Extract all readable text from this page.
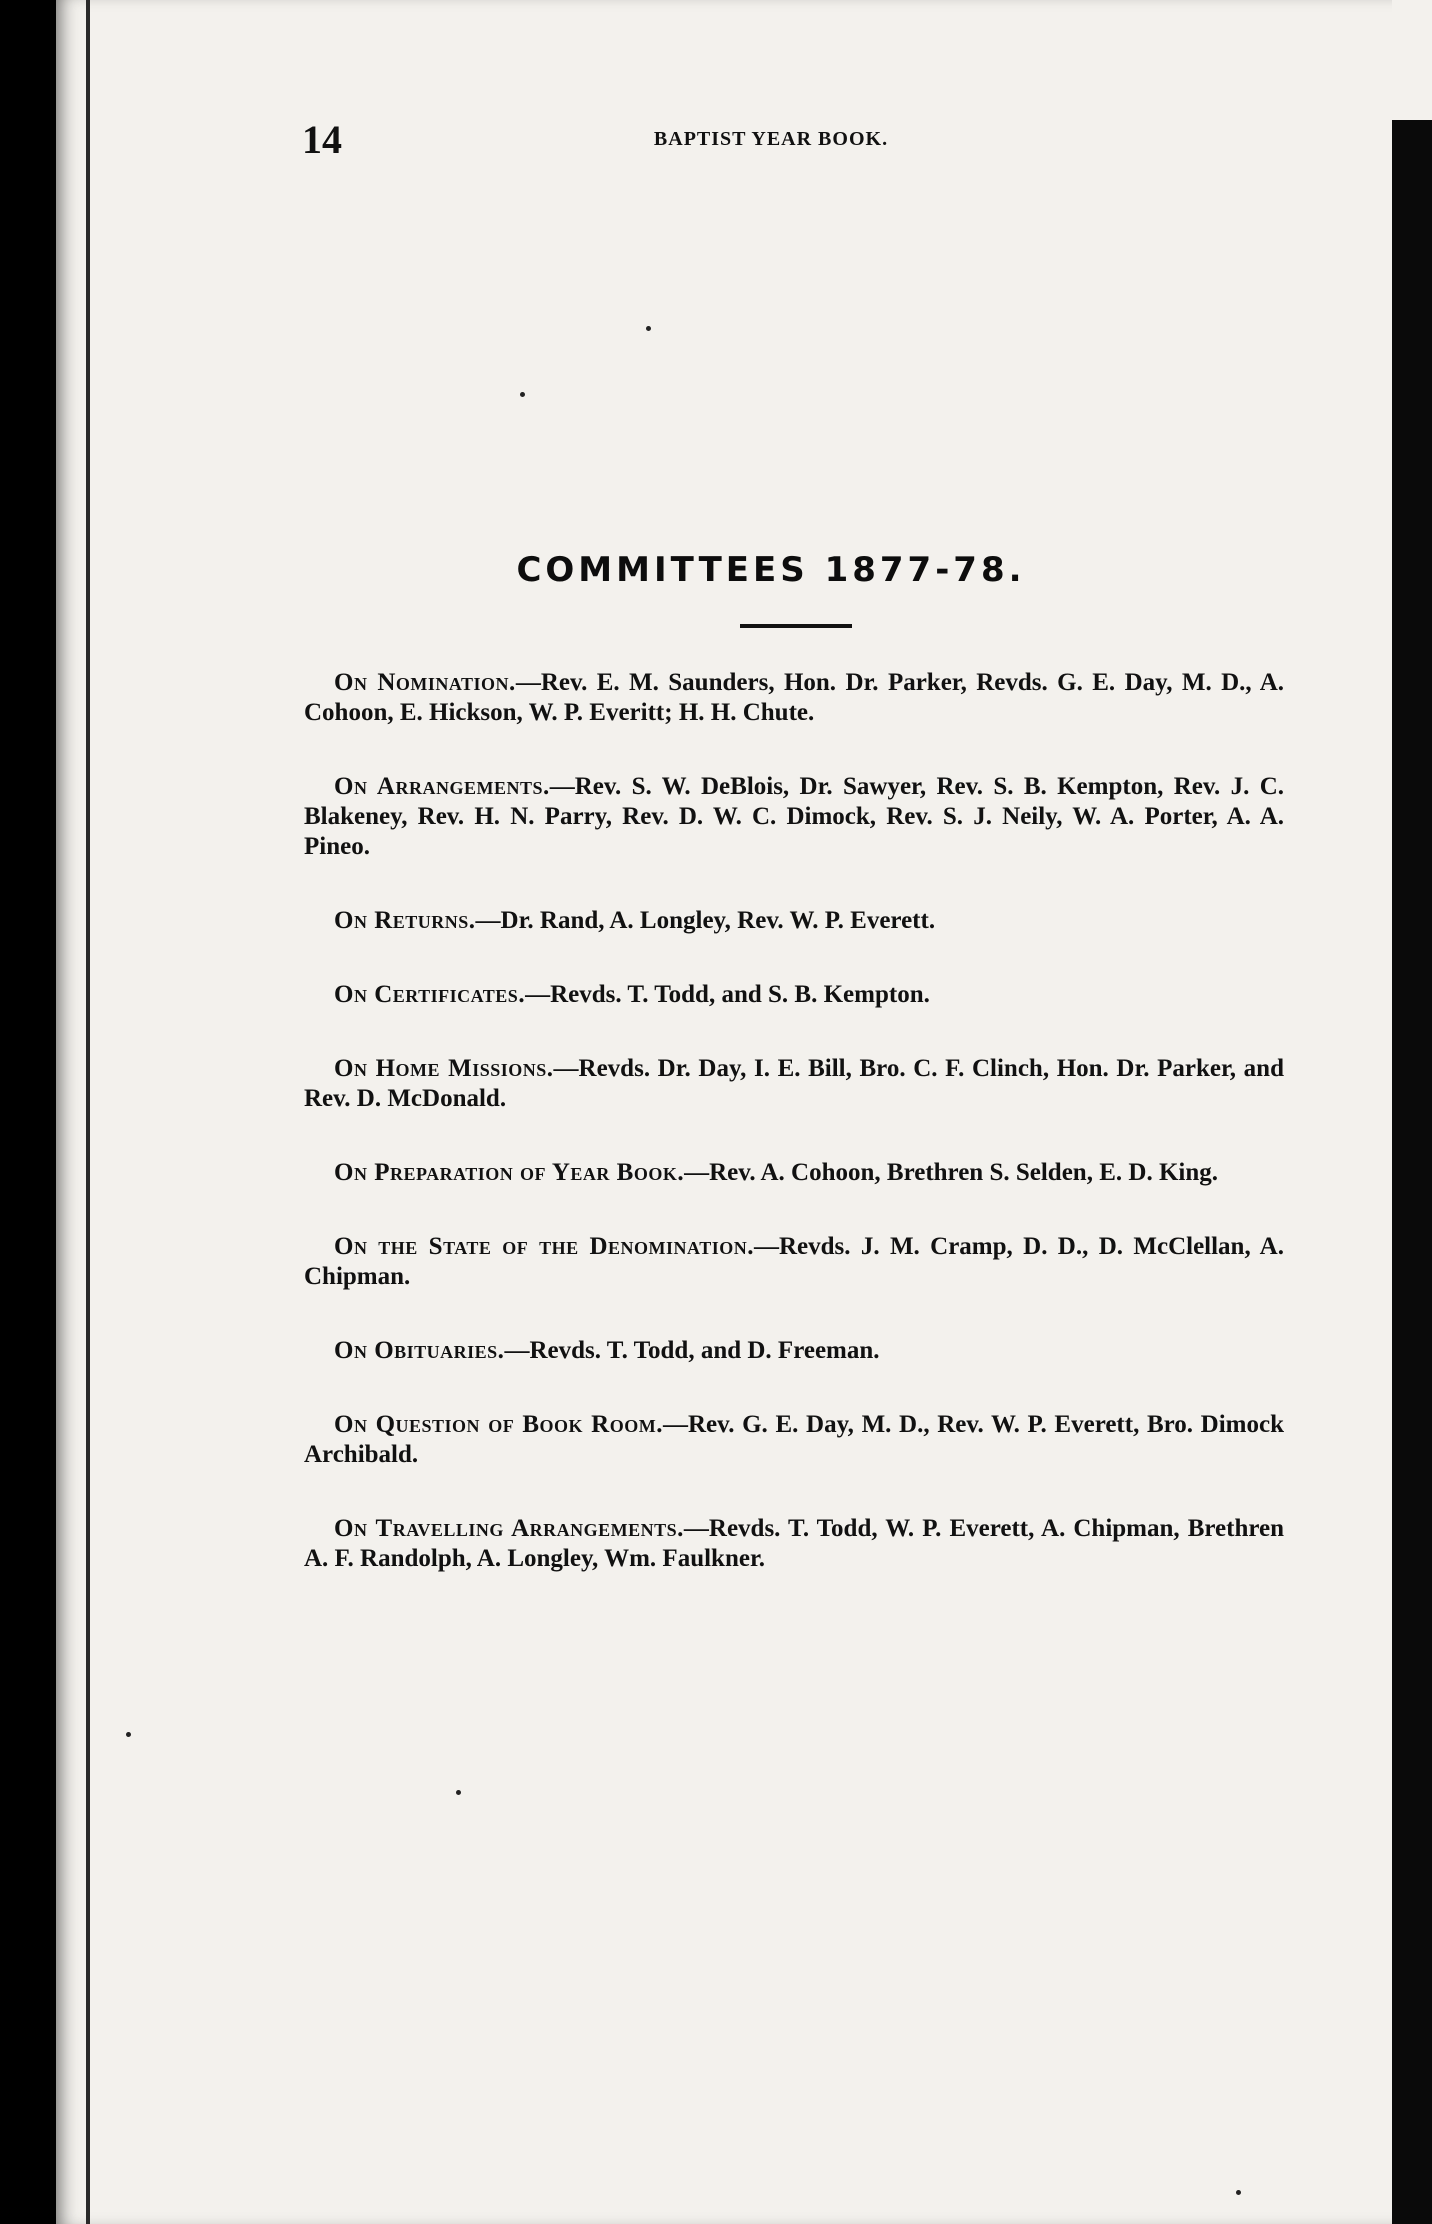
14	BAPTIST YEAR BOOK.
COMMITTEES 1877-78.
On Nomination.—Rev. E. M. Saunders, Hon. Dr. Parker, Revds. G. E. Day, M. D., A. Cohoon, E. Hickson, W. P. Everitt; H. H. Chute.
On Arrangements.—Rev. S. W. DeBlois, Dr. Sawyer, Rev. S. B. Kempton, Rev. J. C. Blakeney, Rev. H. N. Parry, Rev. D. W. C. Dimock, Rev. S. J. Neily, W. A. Porter, A. A. Pineo.
On Returns.—Dr. Rand, A. Longley, Rev. W. P. Everett.
On Certificates.—Revds. T. Todd, and S. B. Kempton.
On Home Missions.—Revds. Dr. Day, I. E. Bill, Bro. C. F. Clinch, Hon. Dr. Parker, and Rev. D. McDonald.
On Preparation of Year Book.—Rev. A. Cohoon, Brethren S. Selden, E. D. King.
On the State of the Denomination.—Revds. J. M. Cramp, D. D., D. McClellan, A. Chipman.
On Obituaries.—Revds. T. Todd, and D. Freeman.
On Question of Book Room.—Rev. G. E. Day, M. D., Rev. W. P. Everett, Bro. Dimock Archibald.
On Travelling Arrangements.—Revds. T. Todd, W. P. Everett, A. Chipman, Brethren A. F. Randolph, A. Longley, Wm. Faulkner.
